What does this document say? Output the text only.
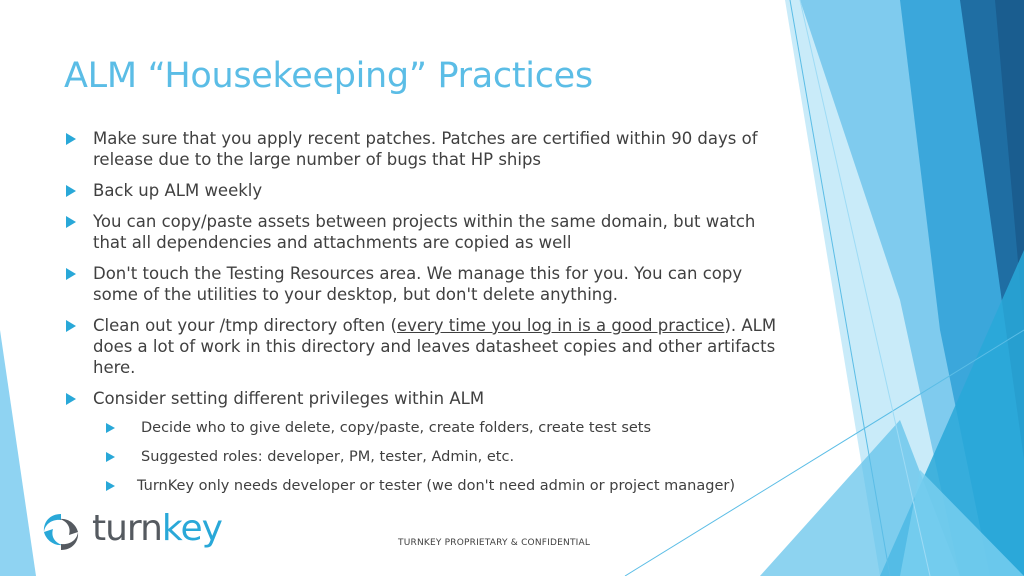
ALM “Housekeeping” Practices
Make sure that you apply recent patches. Patches are certified within 90 days of release due to the large number of bugs that HP ships
Back up ALM weekly
You can copy/paste assets between projects within the same domain, but watch that all dependencies and attachments are copied as well
Don't touch the Testing Resources area. We manage this for you. You can copy some of the utilities to your desktop, but don't delete anything.
Clean out your /tmp directory often (every time you log in is a good practice). ALM does a lot of work in this directory and leaves datasheet copies and other artifacts here.
Consider setting different privileges within ALM
Decide who to give delete, copy/paste, create folders, create test sets
Suggested roles: developer, PM, tester, Admin, etc.
TurnKey only needs developer or tester (we don't need admin or project manager)
turnkey	TURNKEY PROPRIETARY & CONFIDENTIAL
